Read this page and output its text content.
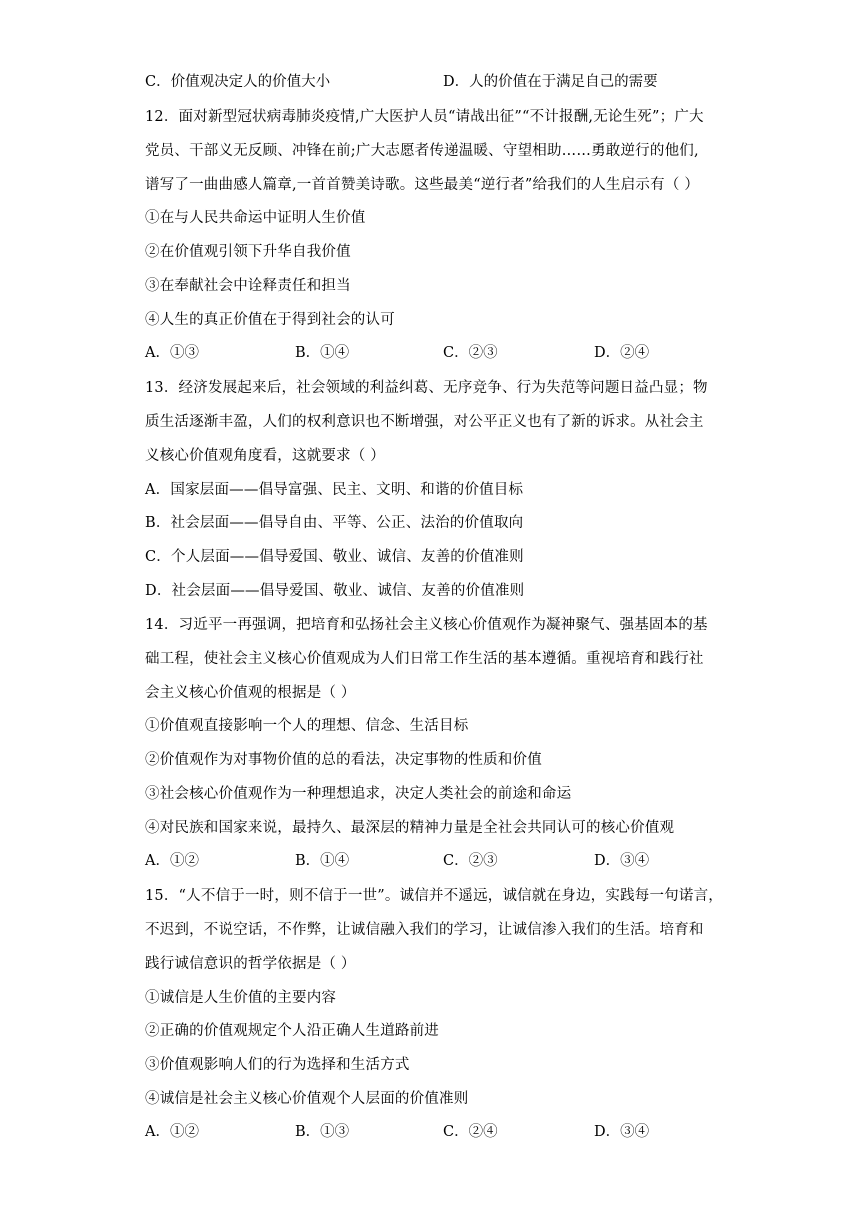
C．价值观决定人的价值大小	D．人的价值在于满足自己的需要
12．面对新型冠状病毒肺炎疫情,广大医护人员“请战出征”“不计报酬,无论生死”；广大
党员、干部义无反顾、冲锋在前;广大志愿者传递温暖、守望相助……勇敢逆行的他们,
谱写了一曲曲感人篇章,一首首赞美诗歌。这些最美“逆行者”给我们的人生启示有（ ）
①在与人民共命运中证明人生价值
②在价值观引领下升华自我价值
③在奉献社会中诠释责任和担当
④人生的真正价值在于得到社会的认可
A．①③	B．①④	C．②③	D．②④
13．经济发展起来后，社会领域的利益纠葛、无序竞争、行为失范等问题日益凸显；物
质生活逐渐丰盈，人们的权利意识也不断增强，对公平正义也有了新的诉求。从社会主
义核心价值观角度看，这就要求（ ）
A．国家层面——倡导富强、民主、文明、和谐的价值目标
B．社会层面——倡导自由、平等、公正、法治的价值取向
C．个人层面——倡导爱国、敬业、诚信、友善的价值准则
D．社会层面——倡导爱国、敬业、诚信、友善的价值准则
14．习近平一再强调，把培育和弘扬社会主义核心价值观作为凝神聚气、强基固本的基
础工程，使社会主义核心价值观成为人们日常工作生活的基本遵循。重视培育和践行社
会主义核心价值观的根据是（ ）
①价值观直接影响一个人的理想、信念、生活目标
②价值观作为对事物价值的总的看法，决定事物的性质和价值
③社会核心价值观作为一种理想追求，决定人类社会的前途和命运
④对民族和国家来说，最持久、最深层的精神力量是全社会共同认可的核心价值观
A．①②	B．①④	C．②③	D．③④
15．“人不信于一时，则不信于一世”。诚信并不遥远，诚信就在身边，实践每一句诺言，
不迟到，不说空话，不作弊，让诚信融入我们的学习，让诚信渗入我们的生活。培育和
践行诚信意识的哲学依据是（ ）
①诚信是人生价值的主要内容
②正确的价值观规定个人沿正确人生道路前进
③价值观影响人们的行为选择和生活方式
④诚信是社会主义核心价值观个人层面的价值准则
A．①②	B．①③	C．②④	D．③④
